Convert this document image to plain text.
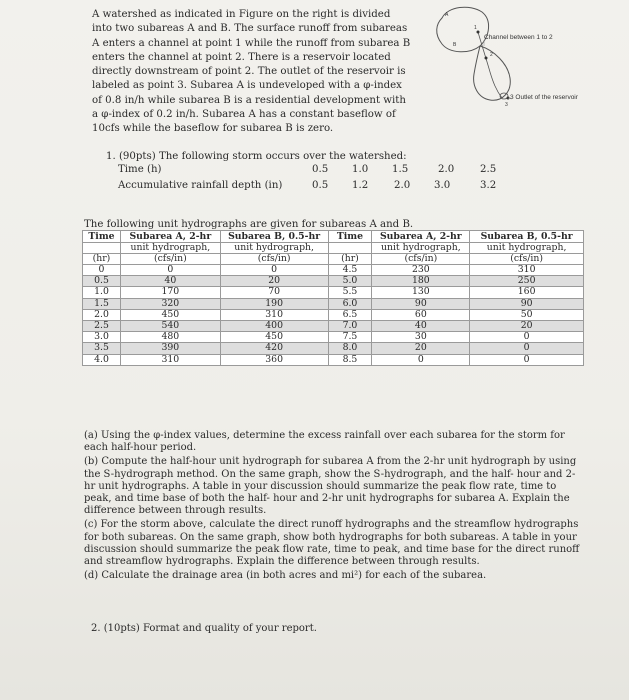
A watershed as indicated in Figure on the right is divided
into two subareas A and B. The surface runoff from subareas
A enters a channel at point 1 while the runoff from subarea B
enters the channel at point 2. There is a reservoir located
directly downstream of point 2. The outlet of the reservoir is
labeled as point 3. Subarea A is undeveloped with a φ-index
of 0.8 in/h while subarea B is a residential development with
a φ-index of 0.2 in/h. Subarea A has a constant baseflow of
10cfs while the baseflow for subarea B is zero.

A
B
1
2
3
Channel between 1 to 2
3 Outlet of the reservoir
1. (90pts) The following storm occurs over the watershed:
Time (h)	0.5 1.0 1.5	2.0	2.5
Accumulative rainfall depth (in)	0.5 1.2	2.0 3.0	3.2
The following unit hydrographs are given for subareas A and B.
Time	Subarea A, 2-hr	Subarea B, 0.5-hr	Time	Subarea A, 2-hr	Subarea B, 0.5-hr
	unit hydrograph,	unit hydrograph,		unit hydrograph,	unit hydrograph,
(hr)	(cfs/in)	(cfs/in)	(hr)	(cfs/in)	(cfs/in)
0	0	0	4.5	230	310
0.5	40	20	5.0	180	250
1.0	170	70	5.5	130	160
1.5	320	190	6.0	90	90
2.0	450	310	6.5	60	50
2.5	540	400	7.0	40	20
3.0	480	450	7.5	30	0
3.5	390	420	8.0	20	0
4.0	310	360	8.5	0	0

(a) Using the φ-index values, determine the excess rainfall over each subarea for the storm for
each half-hour period.

(b) Compute the half-hour unit hydrograph for subarea A from the 2-hr unit hydrograph by using
the S-hydrograph method. On the same graph, show the S-hydrograph, and the half- hour and 2-
hr unit hydrographs. A table in your discussion should summarize the peak flow rate, time to
peak, and time base of both the half- hour and 2-hr unit hydrographs for subarea A. Explain the
difference between through results.

(c) For the storm above, calculate the direct runoff hydrographs and the streamflow hydrographs
for both subareas. On the same graph, show both hydrographs for both subareas. A table in your
discussion should summarize the peak flow rate, time to peak, and time base for the direct runoff
and streamflow hydrographs. Explain the difference between through results.

(d) Calculate the drainage area (in both acres and mi²) for each of the subarea.

2. (10pts) Format and quality of your report.
